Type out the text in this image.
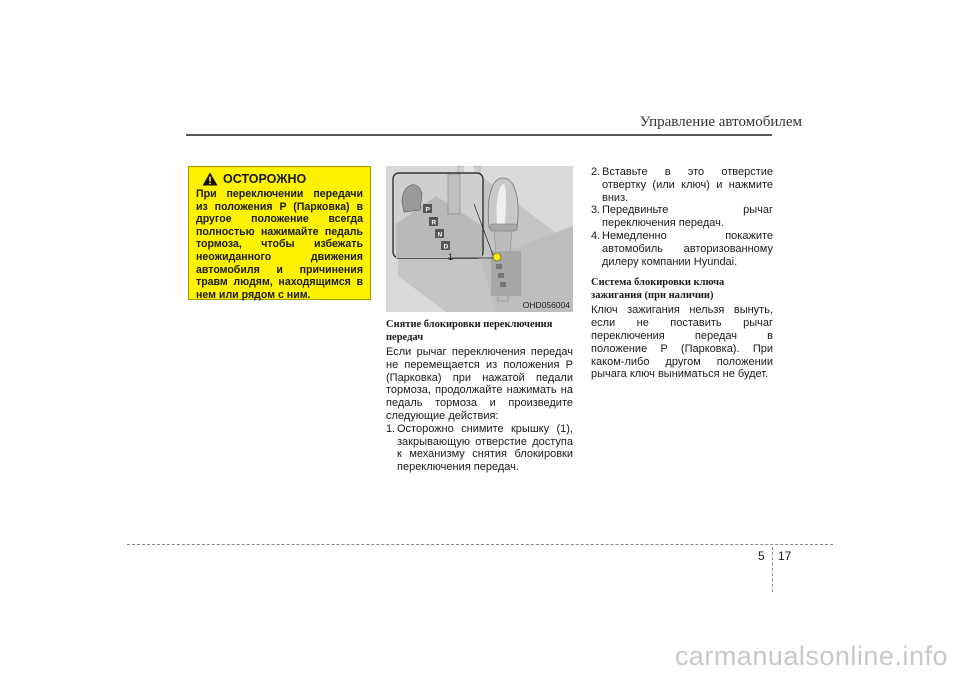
Управление автомобилем
ОСТОРОЖНО
При переключении передачи из положения P (Парковка) в другое положение всегда полностью нажимайте педаль тормоза, чтобы избежать неожиданного движения автомобиля и причинения травм людям, находящимся в нем или рядом с ним.
P
R
N
D
1
OHD056004
Снятие блокировки переключения передач

Если рычаг переключения передач не перемещается из положения P (Парковка) при нажатой педали тормоза, продолжайте нажимать на педаль тормоза и произведите следующие действия:

1. Осторожно снимите крышку (1), закрывающую отверстие доступа к механизму снятия блокировки переключения передач.
2. Вставьте в это отверстие отвертку (или ключ) и нажмите вниз.
3. Передвиньте рычаг переключения передач.
4. Немедленно покажите автомобиль авторизованному дилеру компании Hyundai.
Система блокировки ключа зажигания (при наличии)

Ключ зажигания нельзя вынуть, если не поставить рычаг переключения передач в положение P (Парковка). При каком-либо другом положении рычага ключ выниматься не будет.

5 17
carmanualsonline.info
